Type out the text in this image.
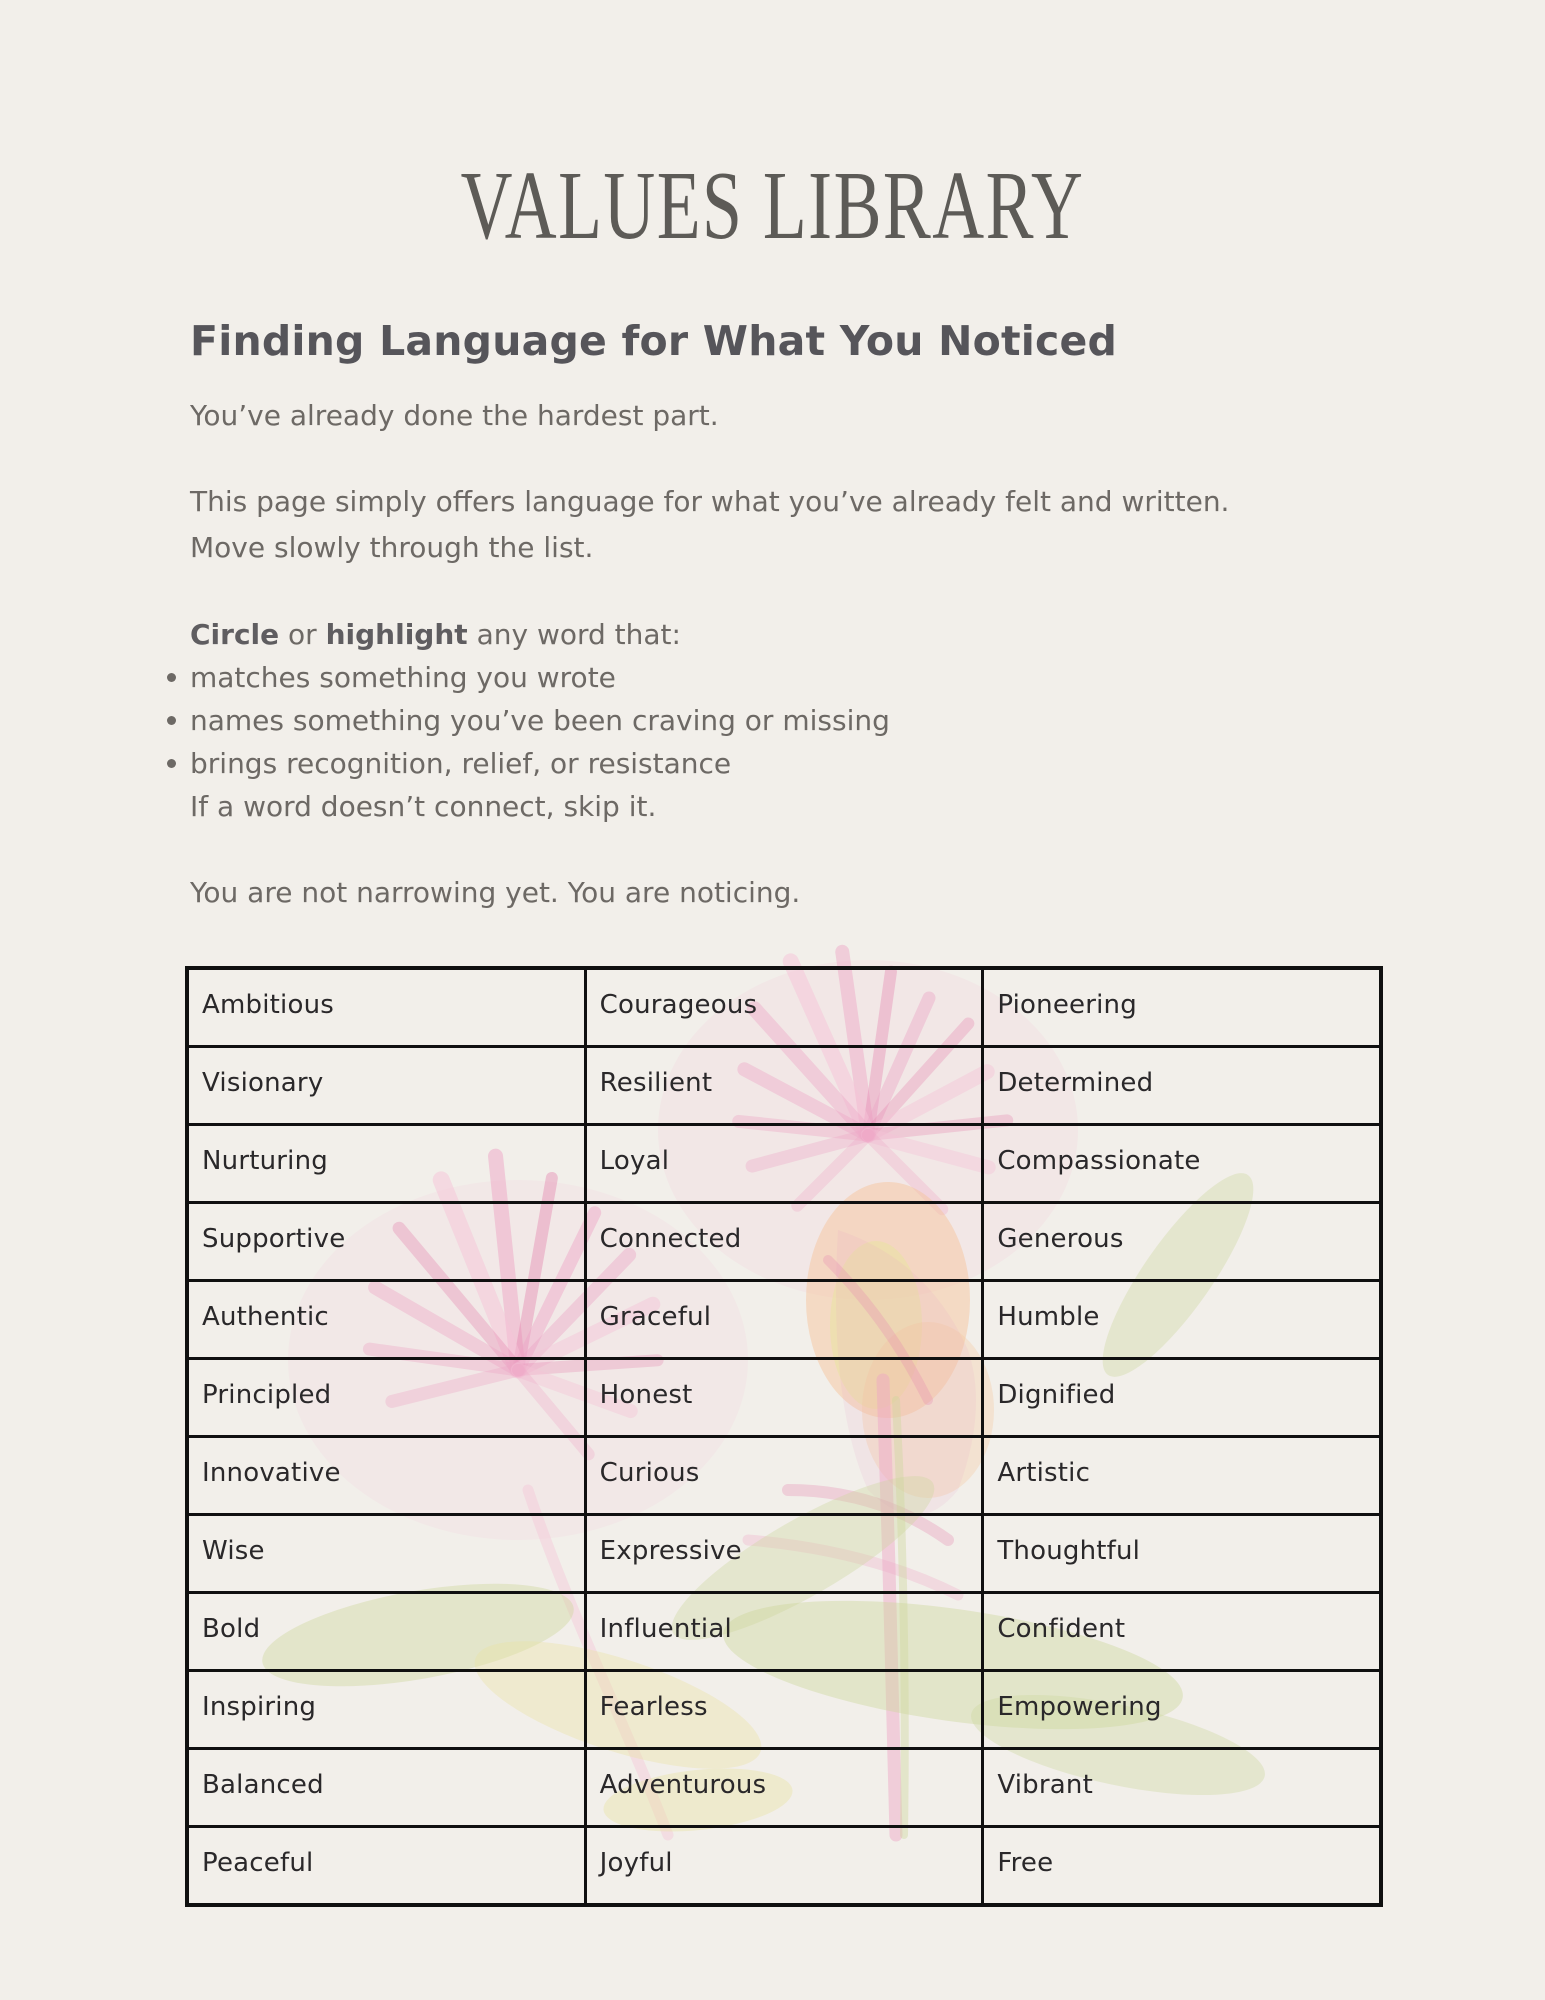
VALUES LIBRARY
Finding Language for What You Noticed
You’ve already done the hardest part.

This page simply offers language for what you’ve already felt and written.
Move slowly through the list.
Circle or highlight any word that:
matches something you wrote
names something you’ve been craving or missing
brings recognition, relief, or resistance
If a word doesn’t connect, skip it.
You are not narrowing yet. You are noticing.
Ambitious	Courageous	Pioneering
Visionary	Resilient	Determined
Nurturing	Loyal	Compassionate
Supportive	Connected	Generous
Authentic	Graceful	Humble
Principled	Honest	Dignified
Innovative	Curious	Artistic
Wise	Expressive	Thoughtful
Bold	Influential	Confident
Inspiring	Fearless	Empowering
Balanced	Adventurous	Vibrant
Peaceful	Joyful	Free
